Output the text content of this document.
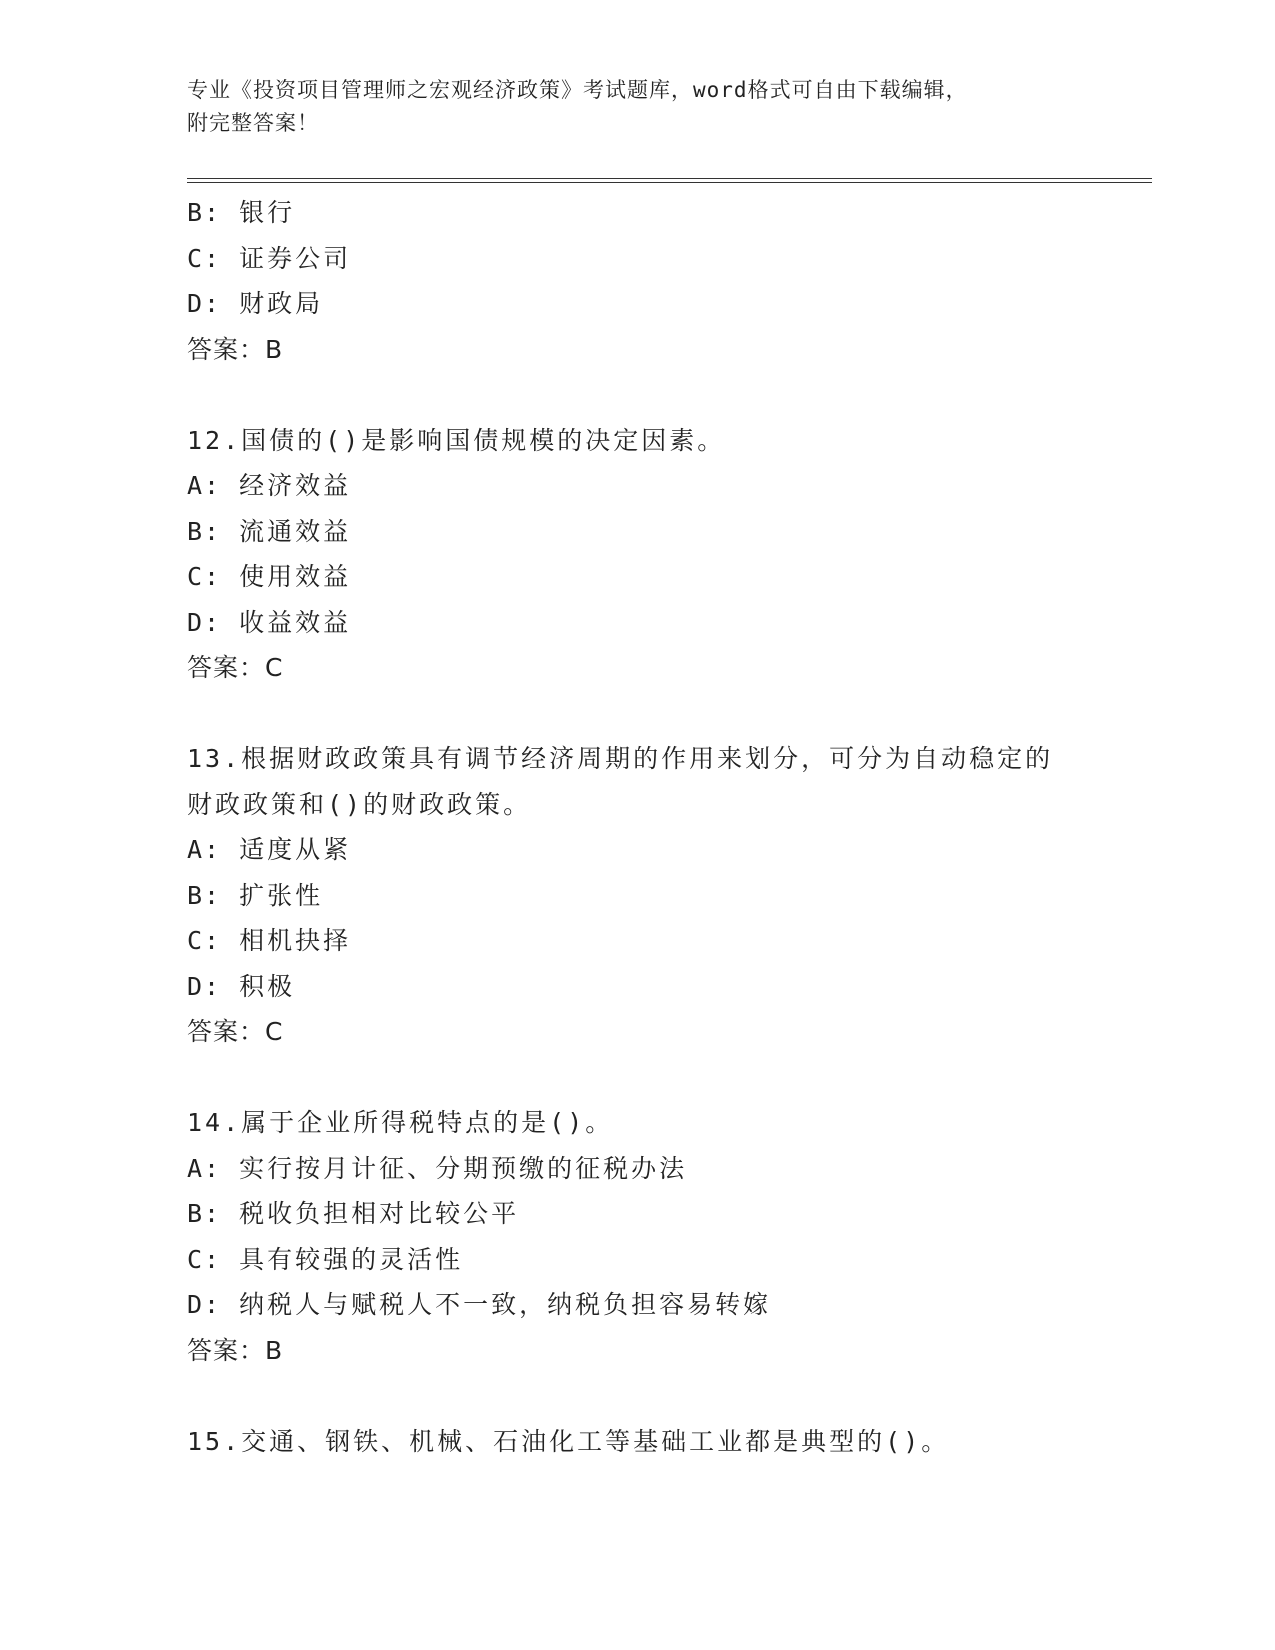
专业《投资项目管理师之宏观经济政策》考试题库，word格式可自由下载编辑，
附完整答案！
B: 银行
C: 证券公司
D: 财政局
答案：B
12.国债的()是影响国债规模的决定因素。
A: 经济效益
B: 流通效益
C: 使用效益
D: 收益效益
答案：C
13.根据财政政策具有调节经济周期的作用来划分，可分为自动稳定的
财政政策和()的财政政策。
A: 适度从紧
B: 扩张性
C: 相机抉择
D: 积极
答案：C
14.属于企业所得税特点的是()。
A: 实行按月计征、分期预缴的征税办法
B: 税收负担相对比较公平
C: 具有较强的灵活性
D: 纳税人与赋税人不一致，纳税负担容易转嫁
答案：B
15.交通、钢铁、机械、石油化工等基础工业都是典型的()。
